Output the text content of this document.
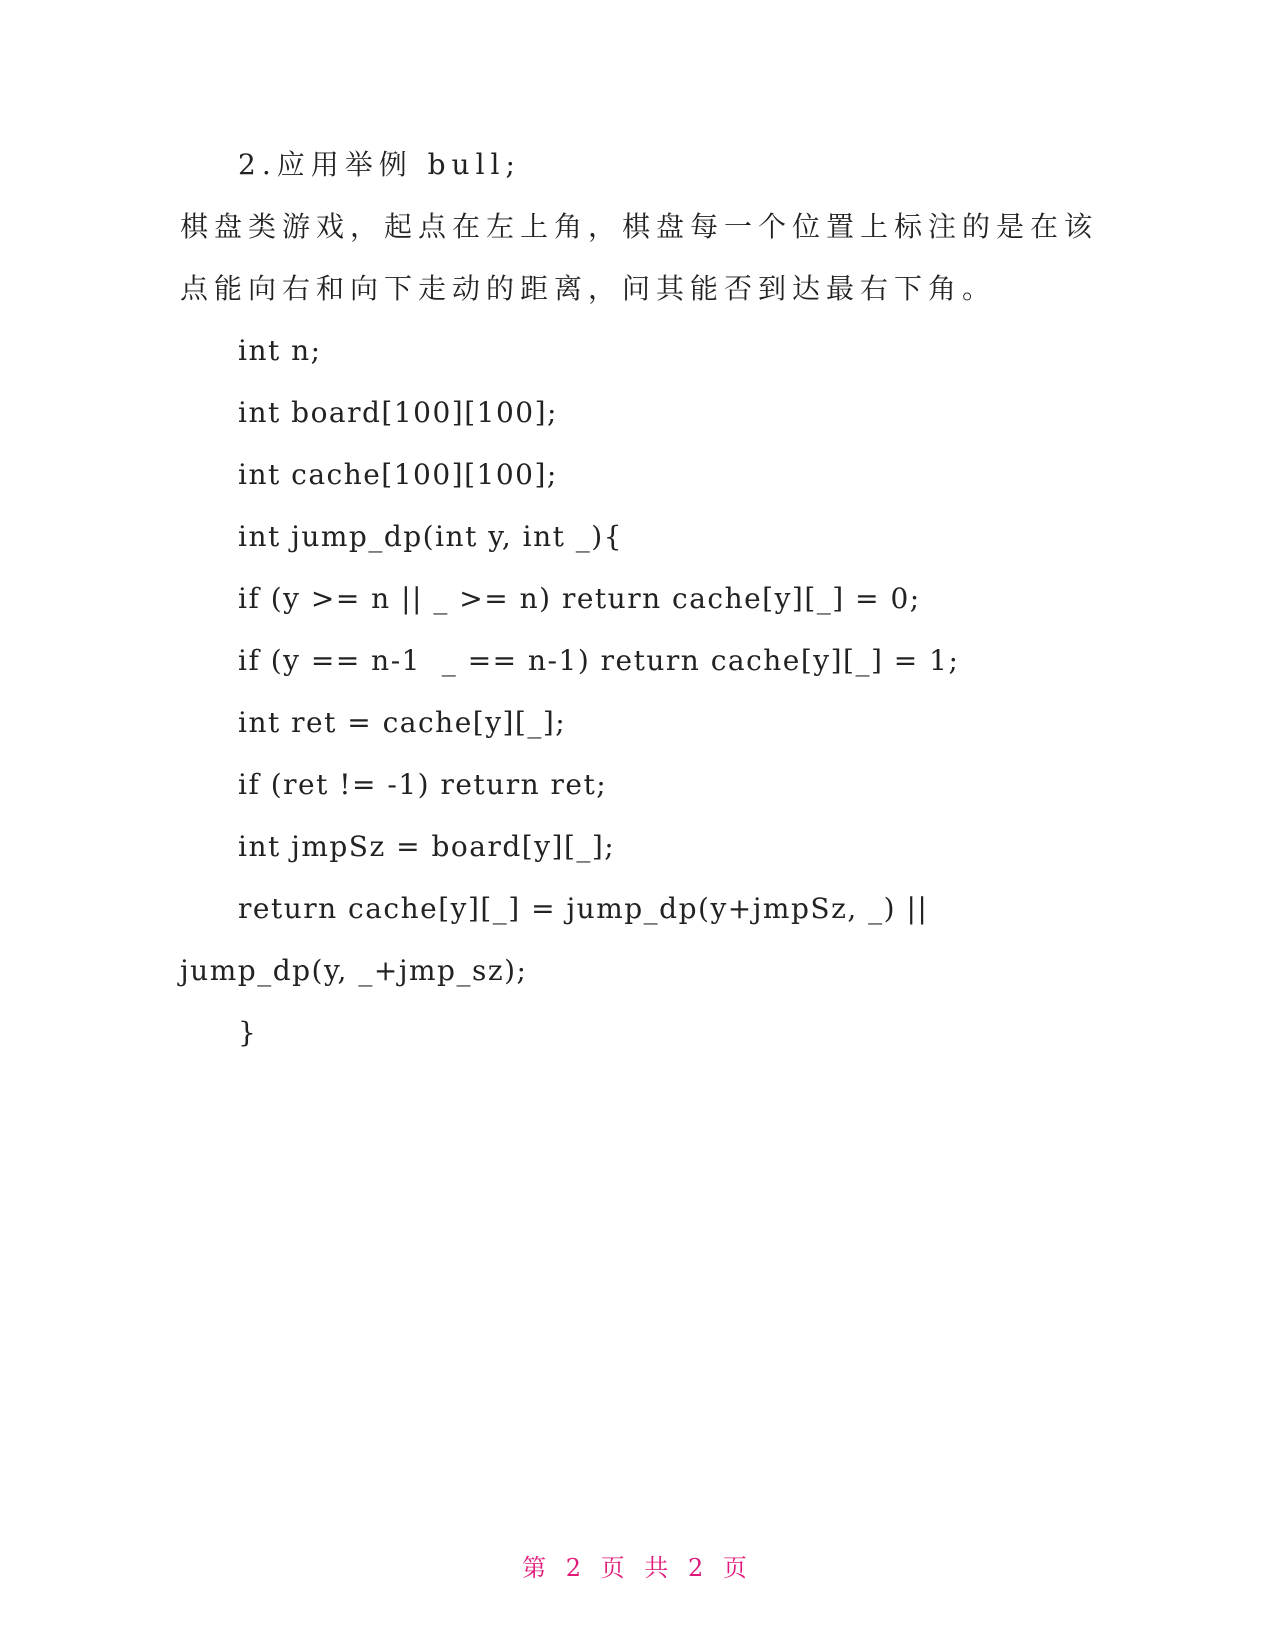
2.应用举例 bull;
棋盘类游戏，起点在左上角，棋盘每一个位置上标注的是在该
点能向右和向下走动的距离，问其能否到达最右下角。
int n;
int board[100][100];
int cache[100][100];
int jump_dp(int y, int _){
if (y >= n || _ >= n) return cache[y][_] = 0;
if (y == n-1  _ == n-1) return cache[y][_] = 1;
int ret = cache[y][_];
if (ret != -1) return ret;
int jmpSz = board[y][_];
return cache[y][_] = jump_dp(y+jmpSz, _) ||
jump_dp(y, _+jmp_sz);
}
第 2 页 共 2 页
